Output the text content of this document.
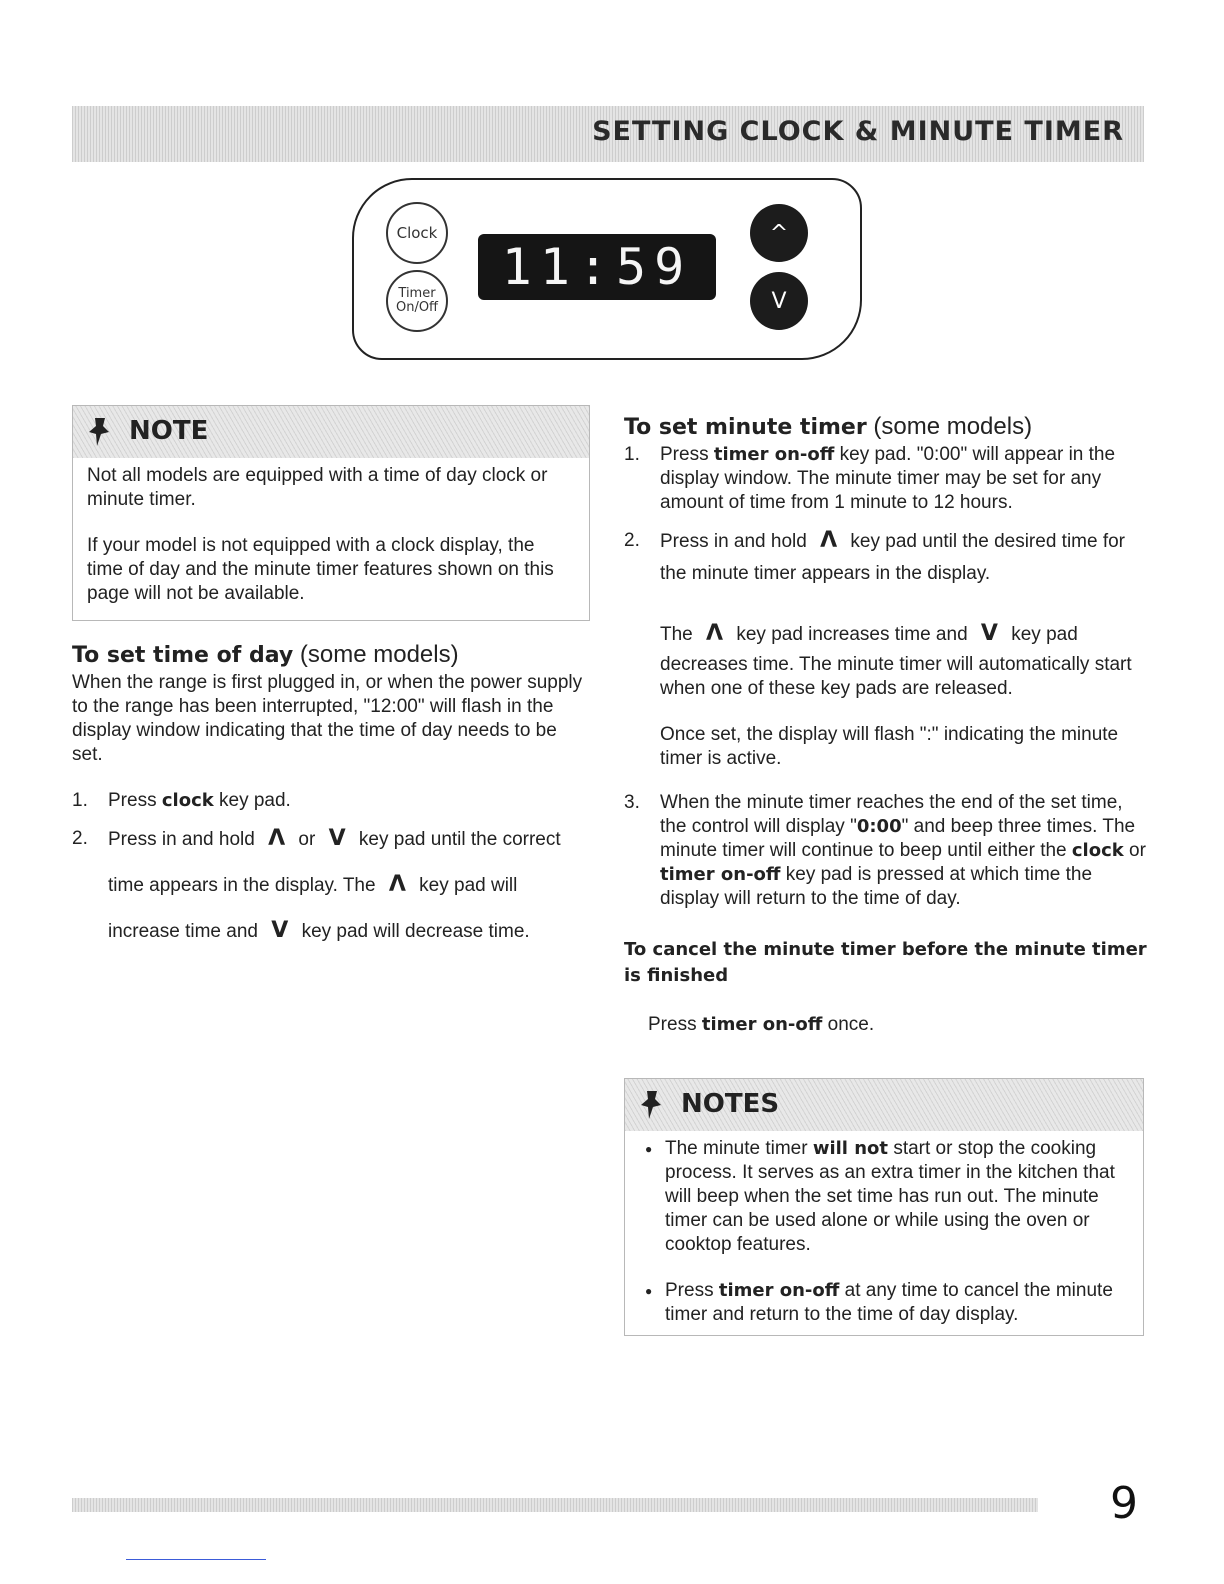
SETTING CLOCK & MINUTE TIMER
Clock
Timer
On/Off
11:59
^
V
NOTE

Not all models are equipped with a time of day clock or minute timer.

If your model is not equipped with a clock display, the time of day and the minute timer features shown on this page will not be available.

To set time of day (some models)
When the range is first plugged in, or when the power supply to the range has been interrupted, "12:00" will flash in the display window indicating that the time of day needs to be set.
1. Press clock key pad.
2. Press in and hold Λ or V key pad until the correct
time appears in the display. The Λ key pad will
increase time and V key pad will decrease time.
To set minute timer (some models)
1. Press timer on-off key pad. "0:00" will appear in the display window. The minute timer may be set for any amount of time from 1 minute to 12 hours.
2. Press in and hold Λ key pad until the desired time for
the minute timer appears in the display.
The Λ key pad increases time and V key pad
decreases time. The minute timer will automatically start when one of these key pads are released.
Once set, the display will flash ":" indicating the minute timer is active.
3. When the minute timer reaches the end of the set time, the control will display "0:00" and beep three times. The minute timer will continue to beep until either the clock or timer on-off key pad is pressed at which time the display will return to the time of day.
To cancel the minute timer before the minute timer is finished
Press timer on-off once.
NOTES
● The minute timer will not start or stop the cooking process. It serves as an extra timer in the kitchen that will beep when the set time has run out. The minute timer can be used alone or while using the oven or cooktop features.
● Press timer on-off at any time to cancel the minute timer and return to the time of day display.
9
